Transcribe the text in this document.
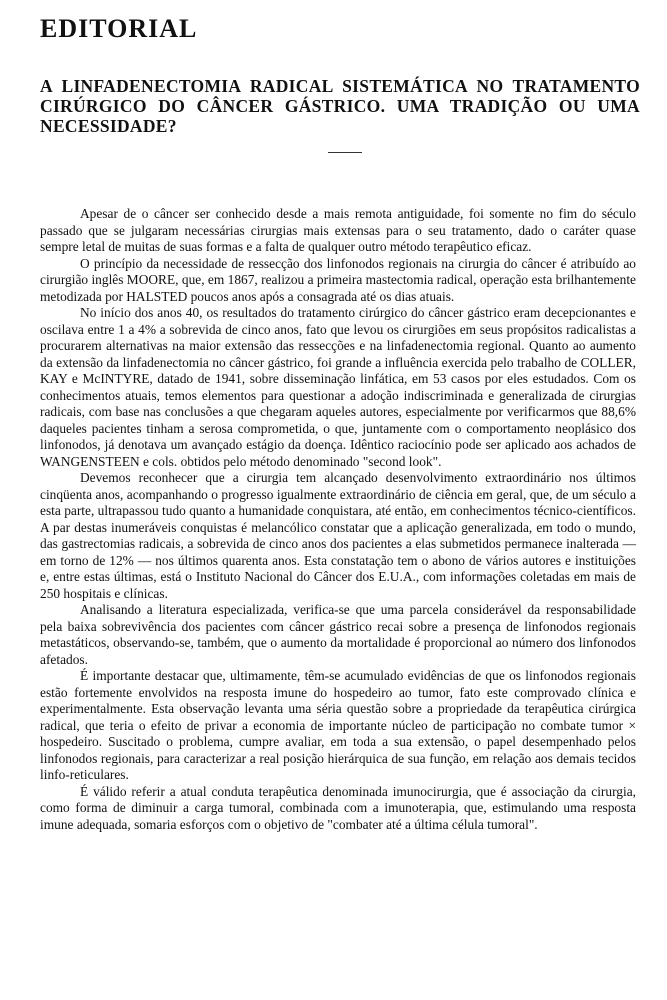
EDITORIAL
A LINFADENECTOMIA RADICAL SISTEMÁTICA NO TRATAMENTO CIRÚRGICO DO CÂNCER GÁSTRICO. UMA TRADIÇÃO OU UMA NECESSIDADE?

Apesar de o câncer ser conhecido desde a mais remota antiguidade, foi somente no fim do século passado que se julgaram necessárias cirurgias mais extensas para o seu tratamento, dado o caráter quase sempre letal de muitas de suas formas e a falta de qualquer outro método terapêutico eficaz.

O princípio da necessidade de ressecção dos linfonodos regionais na cirurgia do câncer é atribuído ao cirurgião inglês MOORE, que, em 1867, realizou a primeira mastectomia radical, operação esta brilhantemente metodizada por HALSTED poucos anos após a consagrada até os dias atuais.

No início dos anos 40, os resultados do tratamento cirúrgico do câncer gástrico eram decepcionantes e oscilava entre 1 a 4% a sobrevida de cinco anos, fato que levou os cirurgiões em seus propósitos radicalistas a procurarem alternativas na maior extensão das ressecções e na linfadenectomia regional. Quanto ao aumento da extensão da linfadenectomia no câncer gástrico, foi grande a influência exercida pelo trabalho de COLLER, KAY e McINTYRE, datado de 1941, sobre disseminação linfática, em 53 casos por eles estudados. Com os conhecimentos atuais, temos elementos para questionar a adoção indiscriminada e generalizada de cirurgias radicais, com base nas conclusões a que chegaram aqueles autores, especialmente por verificarmos que 88,6% daqueles pacientes tinham a serosa comprometida, o que, juntamente com o comportamento neoplásico dos linfonodos, já denotava um avançado estágio da doença. Idêntico raciocínio pode ser aplicado aos achados de WANGENSTEEN e cols. obtidos pelo método denominado "second look".

Devemos reconhecer que a cirurgia tem alcançado desenvolvimento extraordinário nos últimos cinqüenta anos, acompanhando o progresso igualmente extraordinário de ciência em geral, que, de um século a esta parte, ultrapassou tudo quanto a humanidade conquistara, até então, em conhecimentos técnico-científicos. A par destas inumeráveis conquistas é melancólico constatar que a aplicação generalizada, em todo o mundo, das gastrectomias radicais, a sobrevida de cinco anos dos pacientes a elas submetidos permanece inalterada — em torno de 12% — nos últimos quarenta anos. Esta constatação tem o abono de vários autores e instituições e, entre estas últimas, está o Instituto Nacional do Câncer dos E.U.A., com informações coletadas em mais de 250 hospitais e clínicas.

Analisando a literatura especializada, verifica-se que uma parcela considerável da responsabilidade pela baixa sobrevivência dos pacientes com câncer gástrico recai sobre a presença de linfonodos regionais metastáticos, observando-se, também, que o aumento da mortalidade é proporcional ao número dos linfonodos afetados.

É importante destacar que, ultimamente, têm-se acumulado evidências de que os linfonodos regionais estão fortemente envolvidos na resposta imune do hospedeiro ao tumor, fato este comprovado clínica e experimentalmente. Esta observação levanta uma séria questão sobre a propriedade da terapêutica cirúrgica radical, que teria o efeito de privar a economia de importante núcleo de participação no combate tumor × hospedeiro. Suscitado o problema, cumpre avaliar, em toda a sua extensão, o papel desempenhado pelos linfonodos regionais, para caracterizar a real posição hierárquica de sua função, em relação aos demais tecidos linfo-reticulares.

É válido referir a atual conduta terapêutica denominada imunocirurgia, que é associação da cirurgia, como forma de diminuir a carga tumoral, combinada com a imunoterapia, que, estimulando uma resposta imune adequada, somaria esforços com o objetivo de "combater até a última célula tumoral".
